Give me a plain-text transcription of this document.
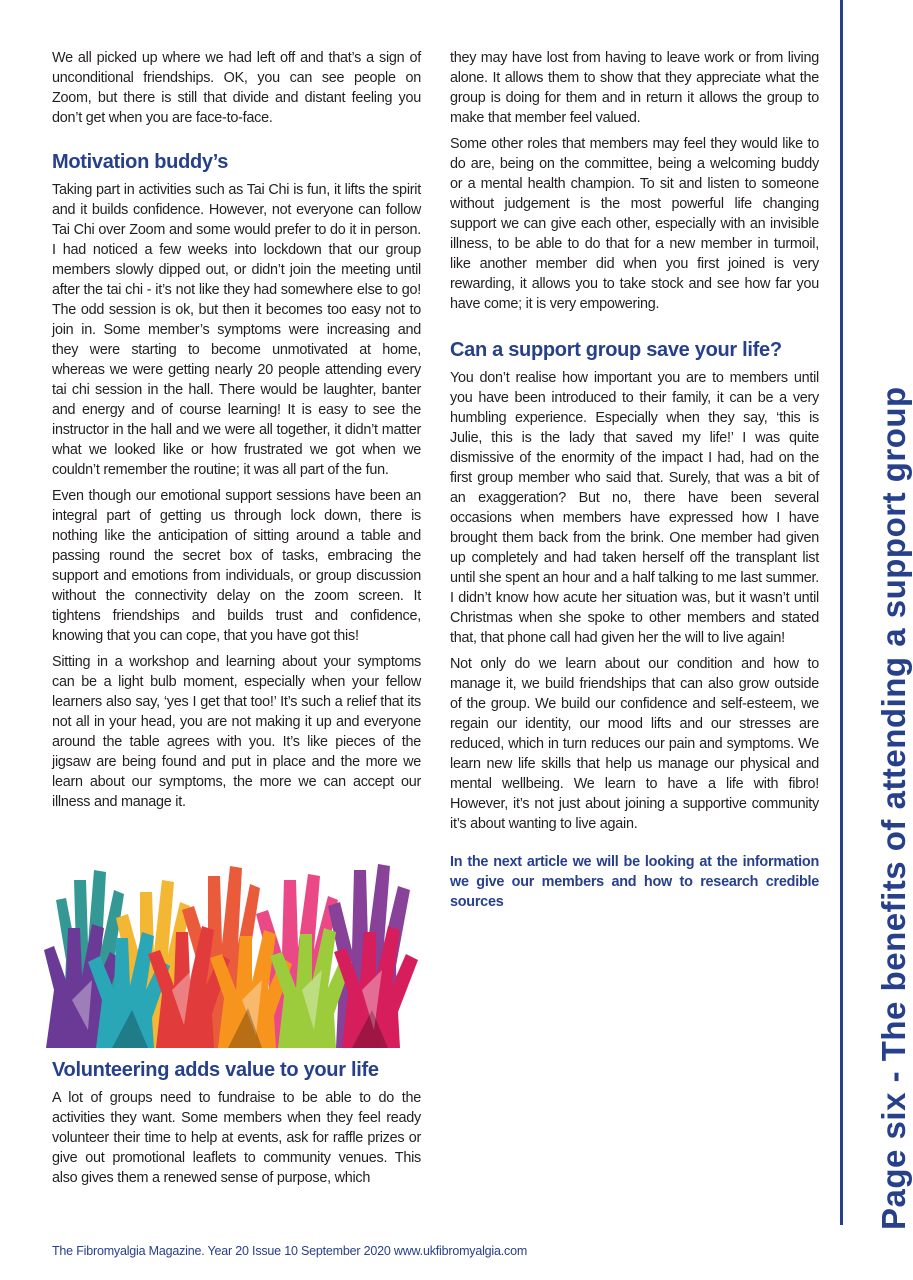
Page six - The benefits of attending a support group

We all picked up where we had left off and that’s a sign of unconditional friendships. OK, you can see people on Zoom, but there is still that divide and distant feeling you don’t get when you are face-to-face.

Motivation buddy’s

Taking part in activities such as Tai Chi is fun, it lifts the spirit and it builds confidence. However, not everyone can follow Tai Chi over Zoom and some would prefer to do it in person. I had noticed a few weeks into lockdown that our group members slowly dipped out, or didn’t join the meeting until after the tai chi - it’s not like they had somewhere else to go! The odd session is ok, but then it becomes too easy not to join in. Some member’s symptoms were increasing and they were starting to become unmotivated at home, whereas we were getting nearly 20 people attending every tai chi session in the hall. There would be laughter, banter and energy and of course learning! It is easy to see the instructor in the hall and we were all together, it didn’t matter what we looked like or how frustrated we got when we couldn’t remember the routine; it was all part of the fun.

Even though our emotional support sessions have been an integral part of getting us through lock down, there is nothing like the anticipation of sitting around a table and passing round the secret box of tasks, embracing the support and emotions from individuals, or group discussion without the connectivity delay on the zoom screen. It tightens friendships and builds trust and confidence, knowing that you can cope, that you have got this!

Sitting in a workshop and learning about your symptoms can be a light bulb moment, especially when your fellow learners also say, ‘yes I get that too!’ It’s such a relief that its not all in your head, you are not making it up and everyone around the table agrees with you. It’s like pieces of the jigsaw are being found and put in place and the more we learn about our symptoms, the more we can accept our illness and manage it.

Volunteering adds value to your life

A lot of groups need to fundraise to be able to do the activities they want. Some members when they feel ready volunteer their time to help at events, ask for raffle prizes or give out promotional leaflets to community venues. This also gives them a renewed sense of purpose, which

they may have lost from having to leave work or from living alone. It allows them to show that they appreciate what the group is doing for them and in return it allows the group to make that member feel valued.

Some other roles that members may feel they would like to do are, being on the committee, being a welcoming buddy or a mental health champion. To sit and listen to someone without judgement is the most powerful life changing support we can give each other, especially with an invisible illness, to be able to do that for a new member in turmoil, like another member did when you first joined is very rewarding, it allows you to take stock and see how far you have come; it is very empowering.

Can a support group save your life?

You don’t realise how important you are to members until you have been introduced to their family, it can be a very humbling experience. Especially when they say, ‘this is Julie, this is the lady that saved my life!’ I was quite dismissive of the enormity of the impact I had, had on the first group member who said that. Surely, that was a bit of an exaggeration? But no, there have been several occasions when members have expressed how I have brought them back from the brink. One member had given up completely and had taken herself off the transplant list until she spent an hour and a half talking to me last summer. I didn’t know how acute her situation was, but it wasn’t until Christmas when she spoke to other members and stated that, that phone call had given her the will to live again!

Not only do we learn about our condition and how to manage it, we build friendships that can also grow outside of the group. We build our confidence and self-esteem, we regain our identity, our mood lifts and our stresses are reduced, which in turn reduces our pain and symptoms. We learn new life skills that help us manage our physical and mental wellbeing. We learn to have a life with fibro! However, it’s not just about joining a supportive community it’s about wanting to live again.

In the next article we will be looking at the information we give our members and how to research credible sources

The Fibromyalgia Magazine. Year 20 Issue 10 September 2020 www.ukfibromyalgia.com
